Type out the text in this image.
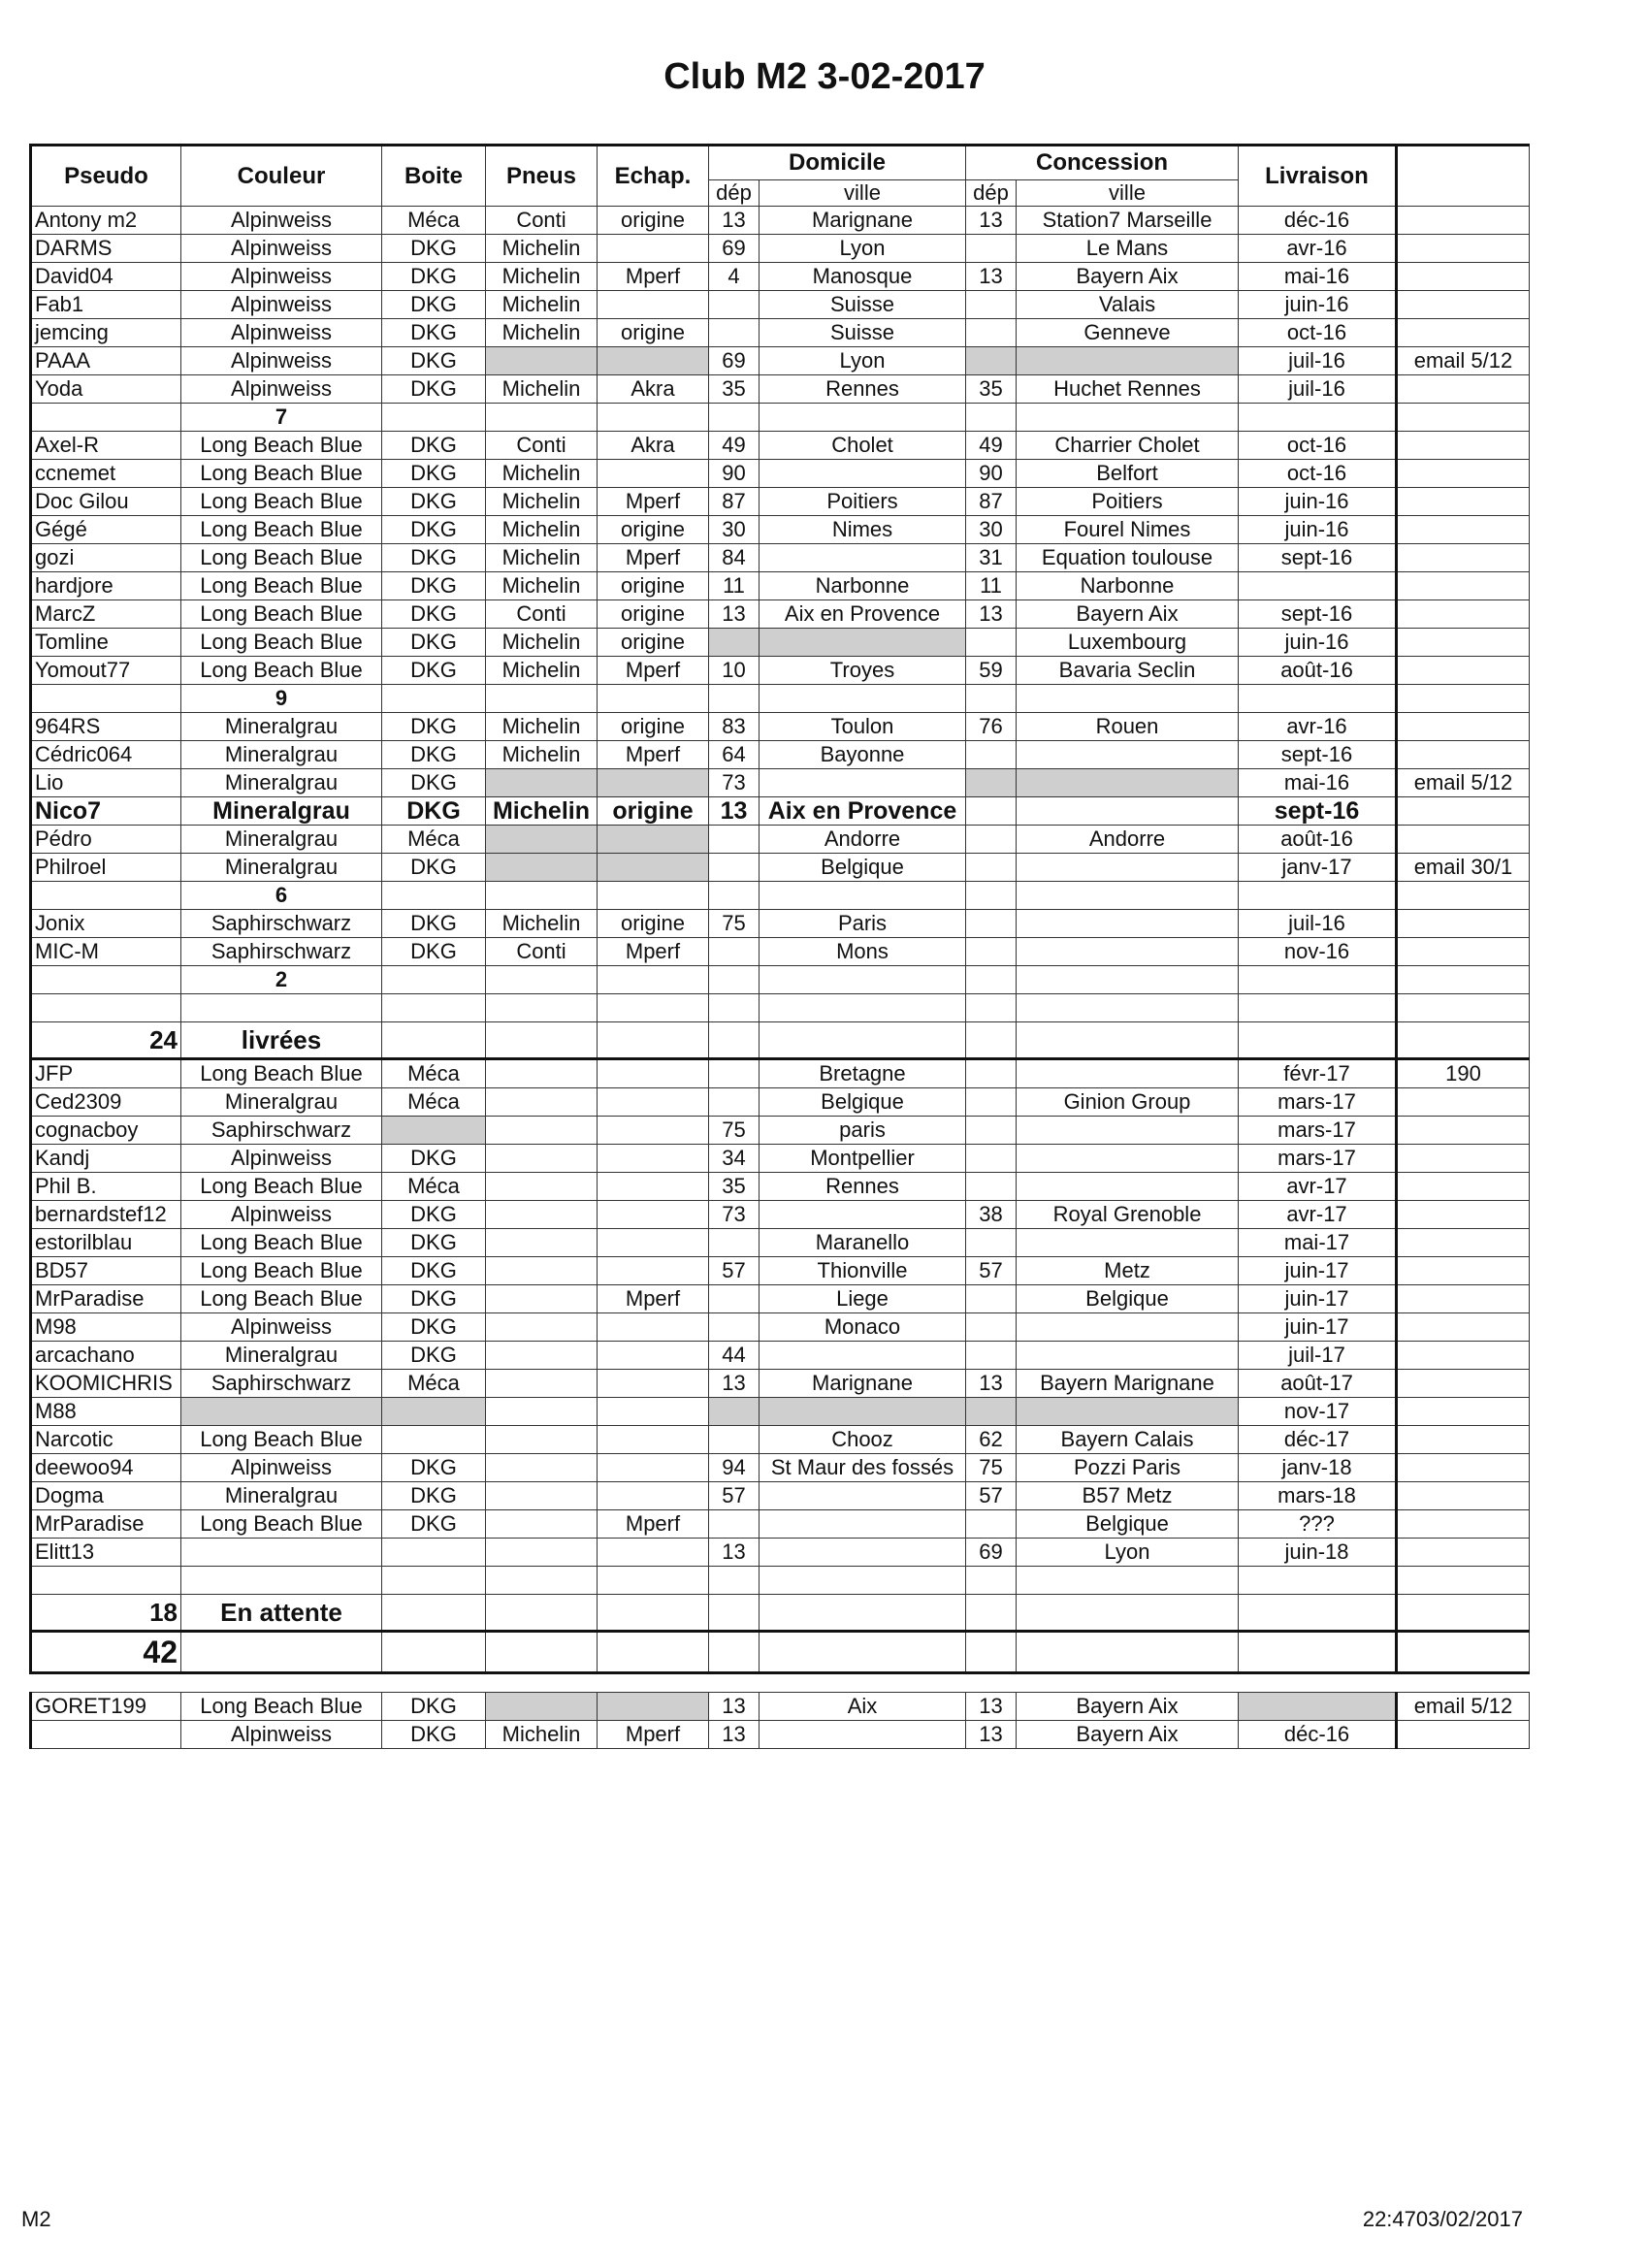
Club M2 3-02-2017
Pseudo	Couleur	Boite	Pneus	Echap.	Domicile		Concession		Livraison	
					dép	ville	dép	ville		
Antony m2	Alpinweiss	Méca	Conti	origine	13	Marignane	13	Station7 Marseille	déc-16	
DARMS	Alpinweiss	DKG	Michelin		69	Lyon		Le Mans	avr-16	
David04	Alpinweiss	DKG	Michelin	Mperf	4	Manosque	13	Bayern Aix	mai-16	
Fab1	Alpinweiss	DKG	Michelin			Suisse		Valais	juin-16	
jemcing	Alpinweiss	DKG	Michelin	origine		Suisse		Genneve	oct-16	
PAAA	Alpinweiss	DKG			69	Lyon			juil-16	email 5/12
Yoda	Alpinweiss	DKG	Michelin	Akra	35	Rennes	35	Huchet Rennes	juil-16	
	7									
Axel-R	Long Beach Blue	DKG	Conti	Akra	49	Cholet	49	Charrier Cholet	oct-16	
ccnemet	Long Beach Blue	DKG	Michelin		90		90	Belfort	oct-16	
Doc Gilou	Long Beach Blue	DKG	Michelin	Mperf	87	Poitiers	87	Poitiers	juin-16	
Gégé	Long Beach Blue	DKG	Michelin	origine	30	Nimes	30	Fourel Nimes	juin-16	
gozi	Long Beach Blue	DKG	Michelin	Mperf	84		31	Equation toulouse	sept-16	
hardjore	Long Beach Blue	DKG	Michelin	origine	11	Narbonne	11	Narbonne		
MarcZ	Long Beach Blue	DKG	Conti	origine	13	Aix en Provence	13	Bayern Aix	sept-16	
Tomline	Long Beach Blue	DKG	Michelin	origine				Luxembourg	juin-16	
Yomout77	Long Beach Blue	DKG	Michelin	Mperf	10	Troyes	59	Bavaria Seclin	août-16	
	9									
964RS	Mineralgrau	DKG	Michelin	origine	83	Toulon	76	Rouen	avr-16	
Cédric064	Mineralgrau	DKG	Michelin	Mperf	64	Bayonne			sept-16	
Lio	Mineralgrau	DKG			73				mai-16	email 5/12
Nico7	Mineralgrau	DKG	Michelin	origine	13	Aix en Provence			sept-16	
Pédro	Mineralgrau	Méca				Andorre		Andorre	août-16	
Philroel	Mineralgrau	DKG				Belgique			janv-17	email 30/1
	6									
Jonix	Saphirschwarz	DKG	Michelin	origine	75	Paris			juil-16	
MIC-M	Saphirschwarz	DKG	Conti	Mperf		Mons			nov-16	
	2									

24	livrées									
JFP	Long Beach Blue	Méca				Bretagne			févr-17	190
Ced2309	Mineralgrau	Méca				Belgique		Ginion Group	mars-17	
cognacboy	Saphirschwarz				75	paris			mars-17	
Kandj	Alpinweiss	DKG			34	Montpellier			mars-17	
Phil B.	Long Beach Blue	Méca			35	Rennes			avr-17	
bernardstef12	Alpinweiss	DKG			73		38	Royal Grenoble	avr-17	
estorilblau	Long Beach Blue	DKG				Maranello			mai-17	
BD57	Long Beach Blue	DKG			57	Thionville	57	Metz	juin-17	
MrParadise	Long Beach Blue	DKG		Mperf		Liege		Belgique	juin-17	
M98	Alpinweiss	DKG				Monaco			juin-17	
arcachano	Mineralgrau	DKG			44				juil-17	
KOOMICHRIS	Saphirschwarz	Méca			13	Marignane	13	Bayern Marignane	août-17	
M88									nov-17	
Narcotic	Long Beach Blue					Chooz	62	Bayern Calais	déc-17	
deewoo94	Alpinweiss	DKG			94	St Maur des fossés	75	Pozzi Paris	janv-18	
Dogma	Mineralgrau	DKG			57		57	B57 Metz	mars-18	
MrParadise	Long Beach Blue	DKG		Mperf				Belgique	???	
Elitt13					13		69	Lyon	juin-18	

18	En attente									
42										

GORET199	Long Beach Blue	DKG			13	Aix	13	Bayern Aix		email 5/12
	Alpinweiss	DKG	Michelin	Mperf	13		13	Bayern Aix	déc-16	
M2	22:4703/02/2017
